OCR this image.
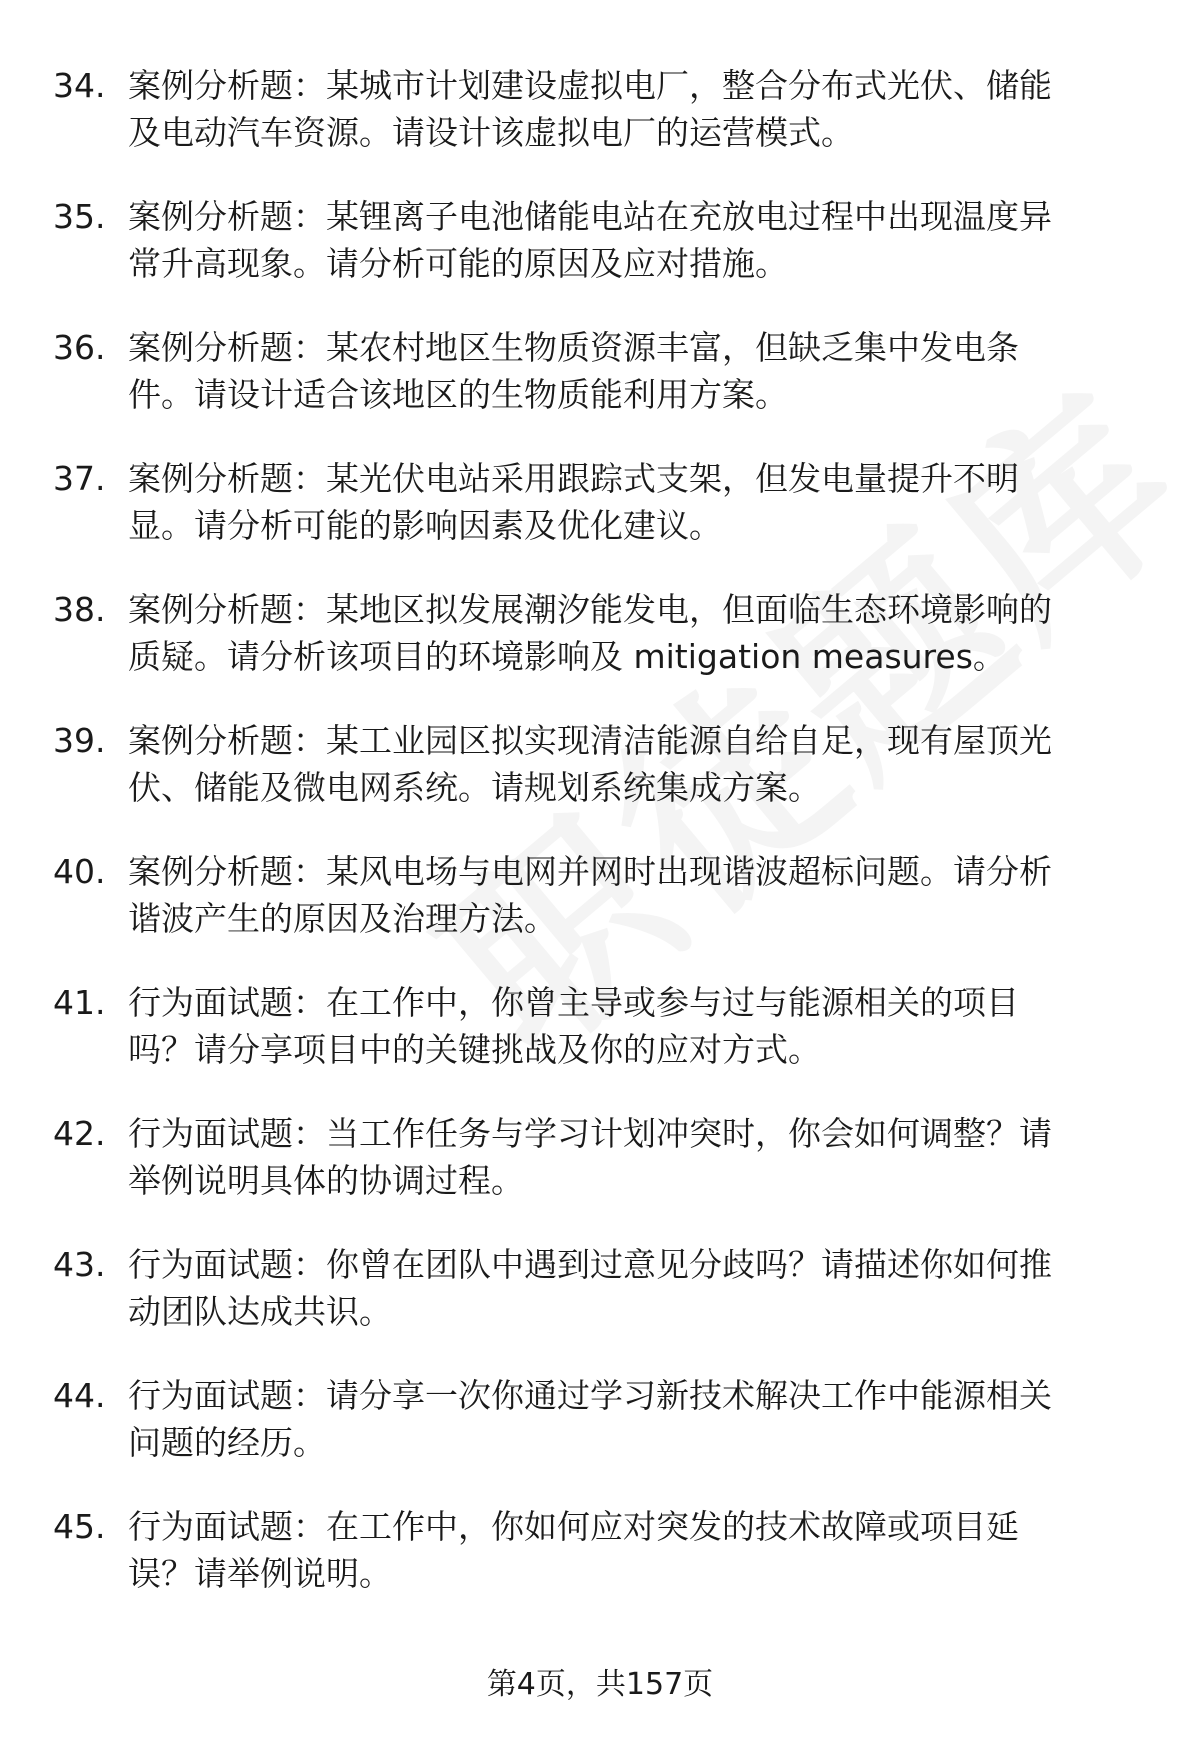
34. 案例分析题：某城市计划建设虚拟电厂，整合分布式光伏、储能
及电动汽车资源。请设计该虚拟电厂的运营模式。
35. 案例分析题：某锂离子电池储能电站在充放电过程中出现温度异
常升高现象。请分析可能的原因及应对措施。
36. 案例分析题：某农村地区生物质资源丰富，但缺乏集中发电条
件。请设计适合该地区的生物质能利用方案。
37. 案例分析题：某光伏电站采用跟踪式支架，但发电量提升不明
显。请分析可能的影响因素及优化建议。
38. 案例分析题：某地区拟发展潮汐能发电，但面临生态环境影响的
质疑。请分析该项目的环境影响及 mitigation measures。
39. 案例分析题：某工业园区拟实现清洁能源自给自足，现有屋顶光
伏、储能及微电网系统。请规划系统集成方案。
40. 案例分析题：某风电场与电网并网时出现谐波超标问题。请分析
谐波产生的原因及治理方法。
41. 行为面试题：在工作中，你曾主导或参与过与能源相关的项目
吗？请分享项目中的关键挑战及你的应对方式。
42. 行为面试题：当工作任务与学习计划冲突时，你会如何调整？请
举例说明具体的协调过程。
43. 行为面试题：你曾在团队中遇到过意见分歧吗？请描述你如何推
动团队达成共识。
44. 行为面试题：请分享一次你通过学习新技术解决工作中能源相关
问题的经历。
45. 行为面试题：在工作中，你如何应对突发的技术故障或项目延
误？请举例说明。
第4页，共157页
